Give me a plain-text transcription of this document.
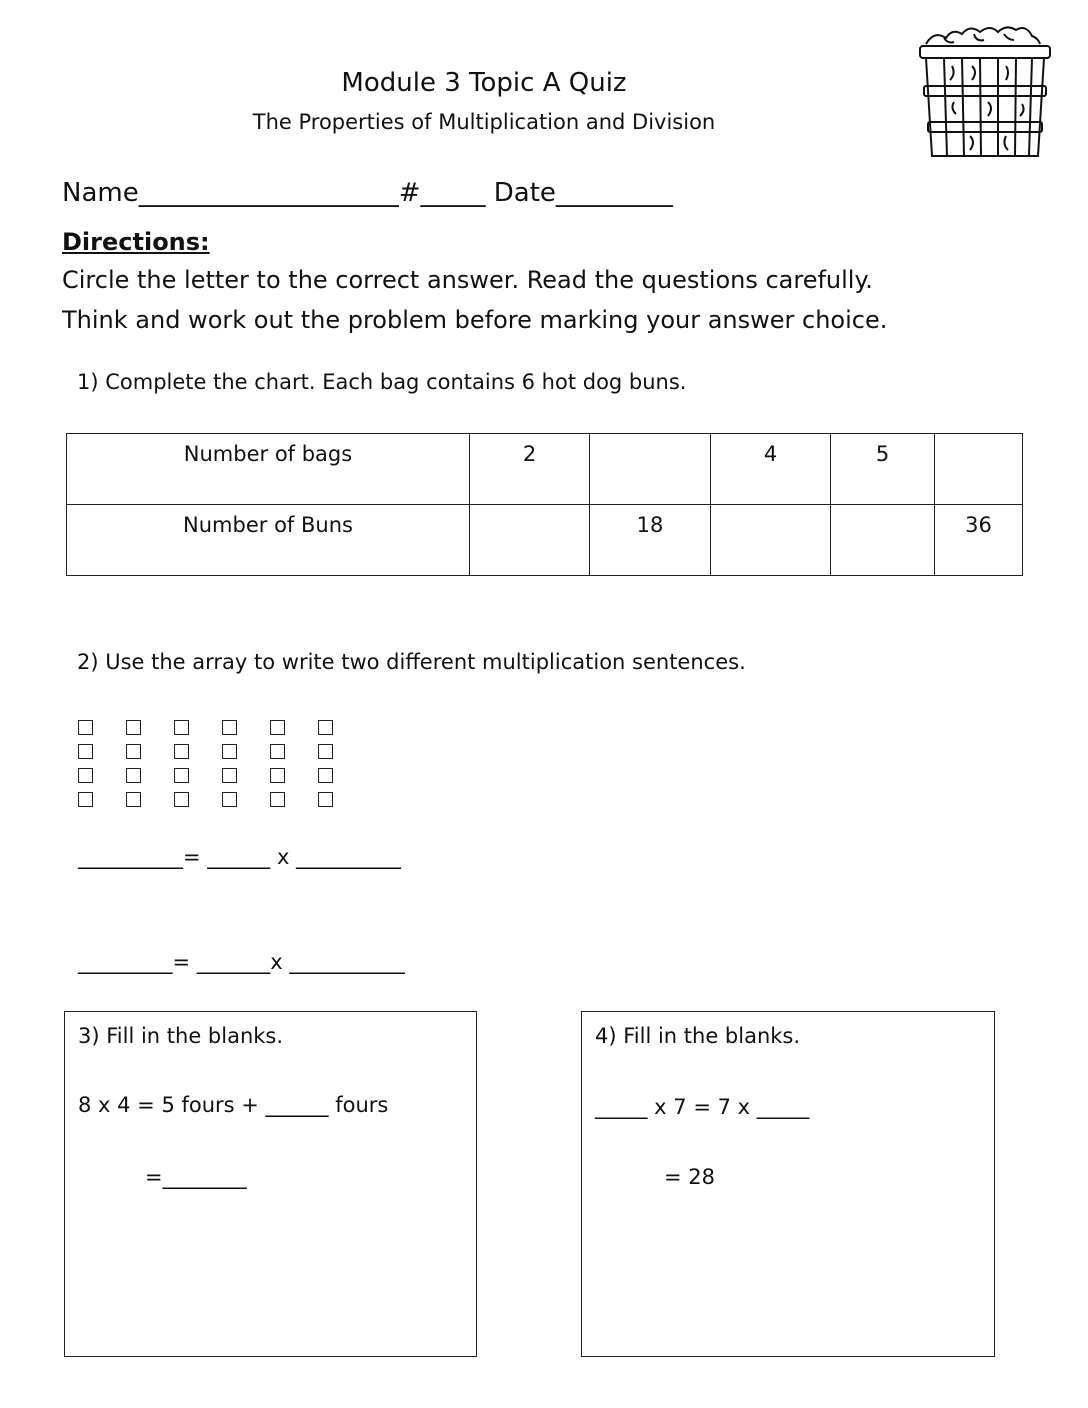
Module 3 Topic A Quiz
The Properties of Multiplication and Division
Name____________________#_____ Date_________
Directions:
Circle the letter to the correct answer. Read the questions carefully.
Think and work out the problem before marking your answer choice.
1) Complete the chart. Each bag contains 6 hot dog buns.
Number of bags	2		4	5	
Number of Buns		18			36
2) Use the array to write two different multiplication sentences.
__________= ______ x __________
_________= _______x ___________
3) Fill in the blanks.
8 x 4 = 5 fours + ______ fours
=________
4) Fill in the blanks.
_____ x 7 = 7 x _____
= 28
